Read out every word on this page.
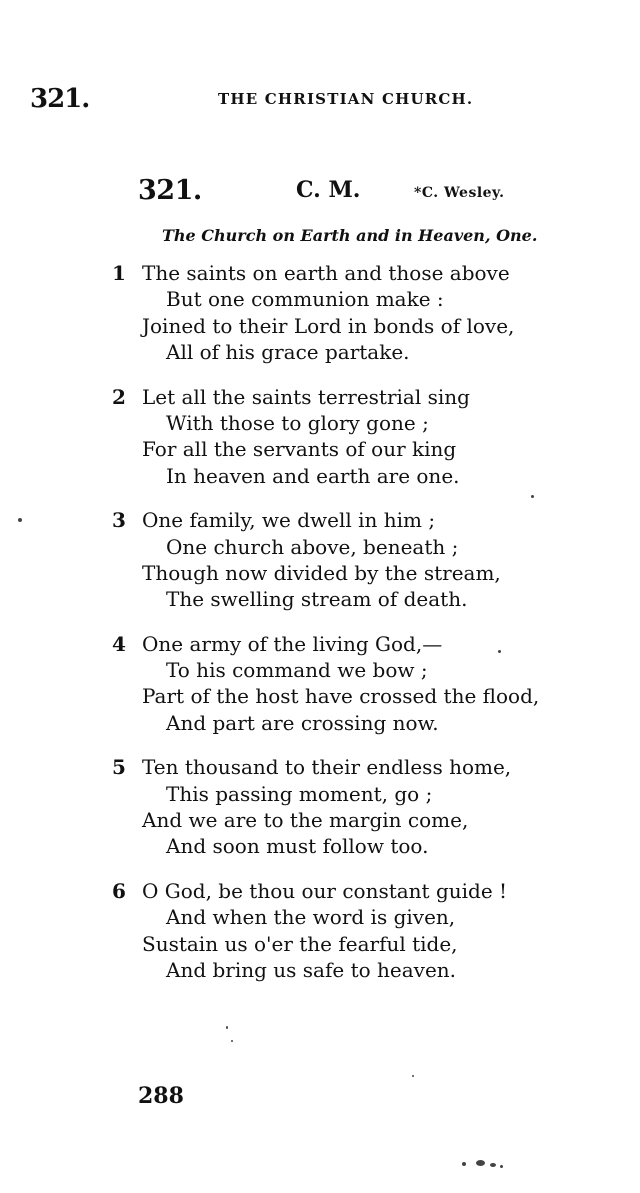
321.	THE CHRISTIAN CHURCH.
321.	C. M.	*C. Wesley.
The Church on Earth and in Heaven, One.
1 The saints on earth and those above
But one communion make :
Joined to their Lord in bonds of love,
All of his grace partake.
2 Let all the saints terrestrial sing
With those to glory gone ;
For all the servants of our king
In heaven and earth are one.
3 One family, we dwell in him ;
One church above, beneath ;
Though now divided by the stream,
The swelling stream of death.
4 One army of the living God,—
To his command we bow ;
Part of the host have crossed the flood,
And part are crossing now.
5 Ten thousand to their endless home,
This passing moment, go ;
And we are to the margin come,
And soon must follow too.
6 O God, be thou our constant guide !
And when the word is given,
Sustain us o'er the fearful tide,
And bring us safe to heaven.
288
